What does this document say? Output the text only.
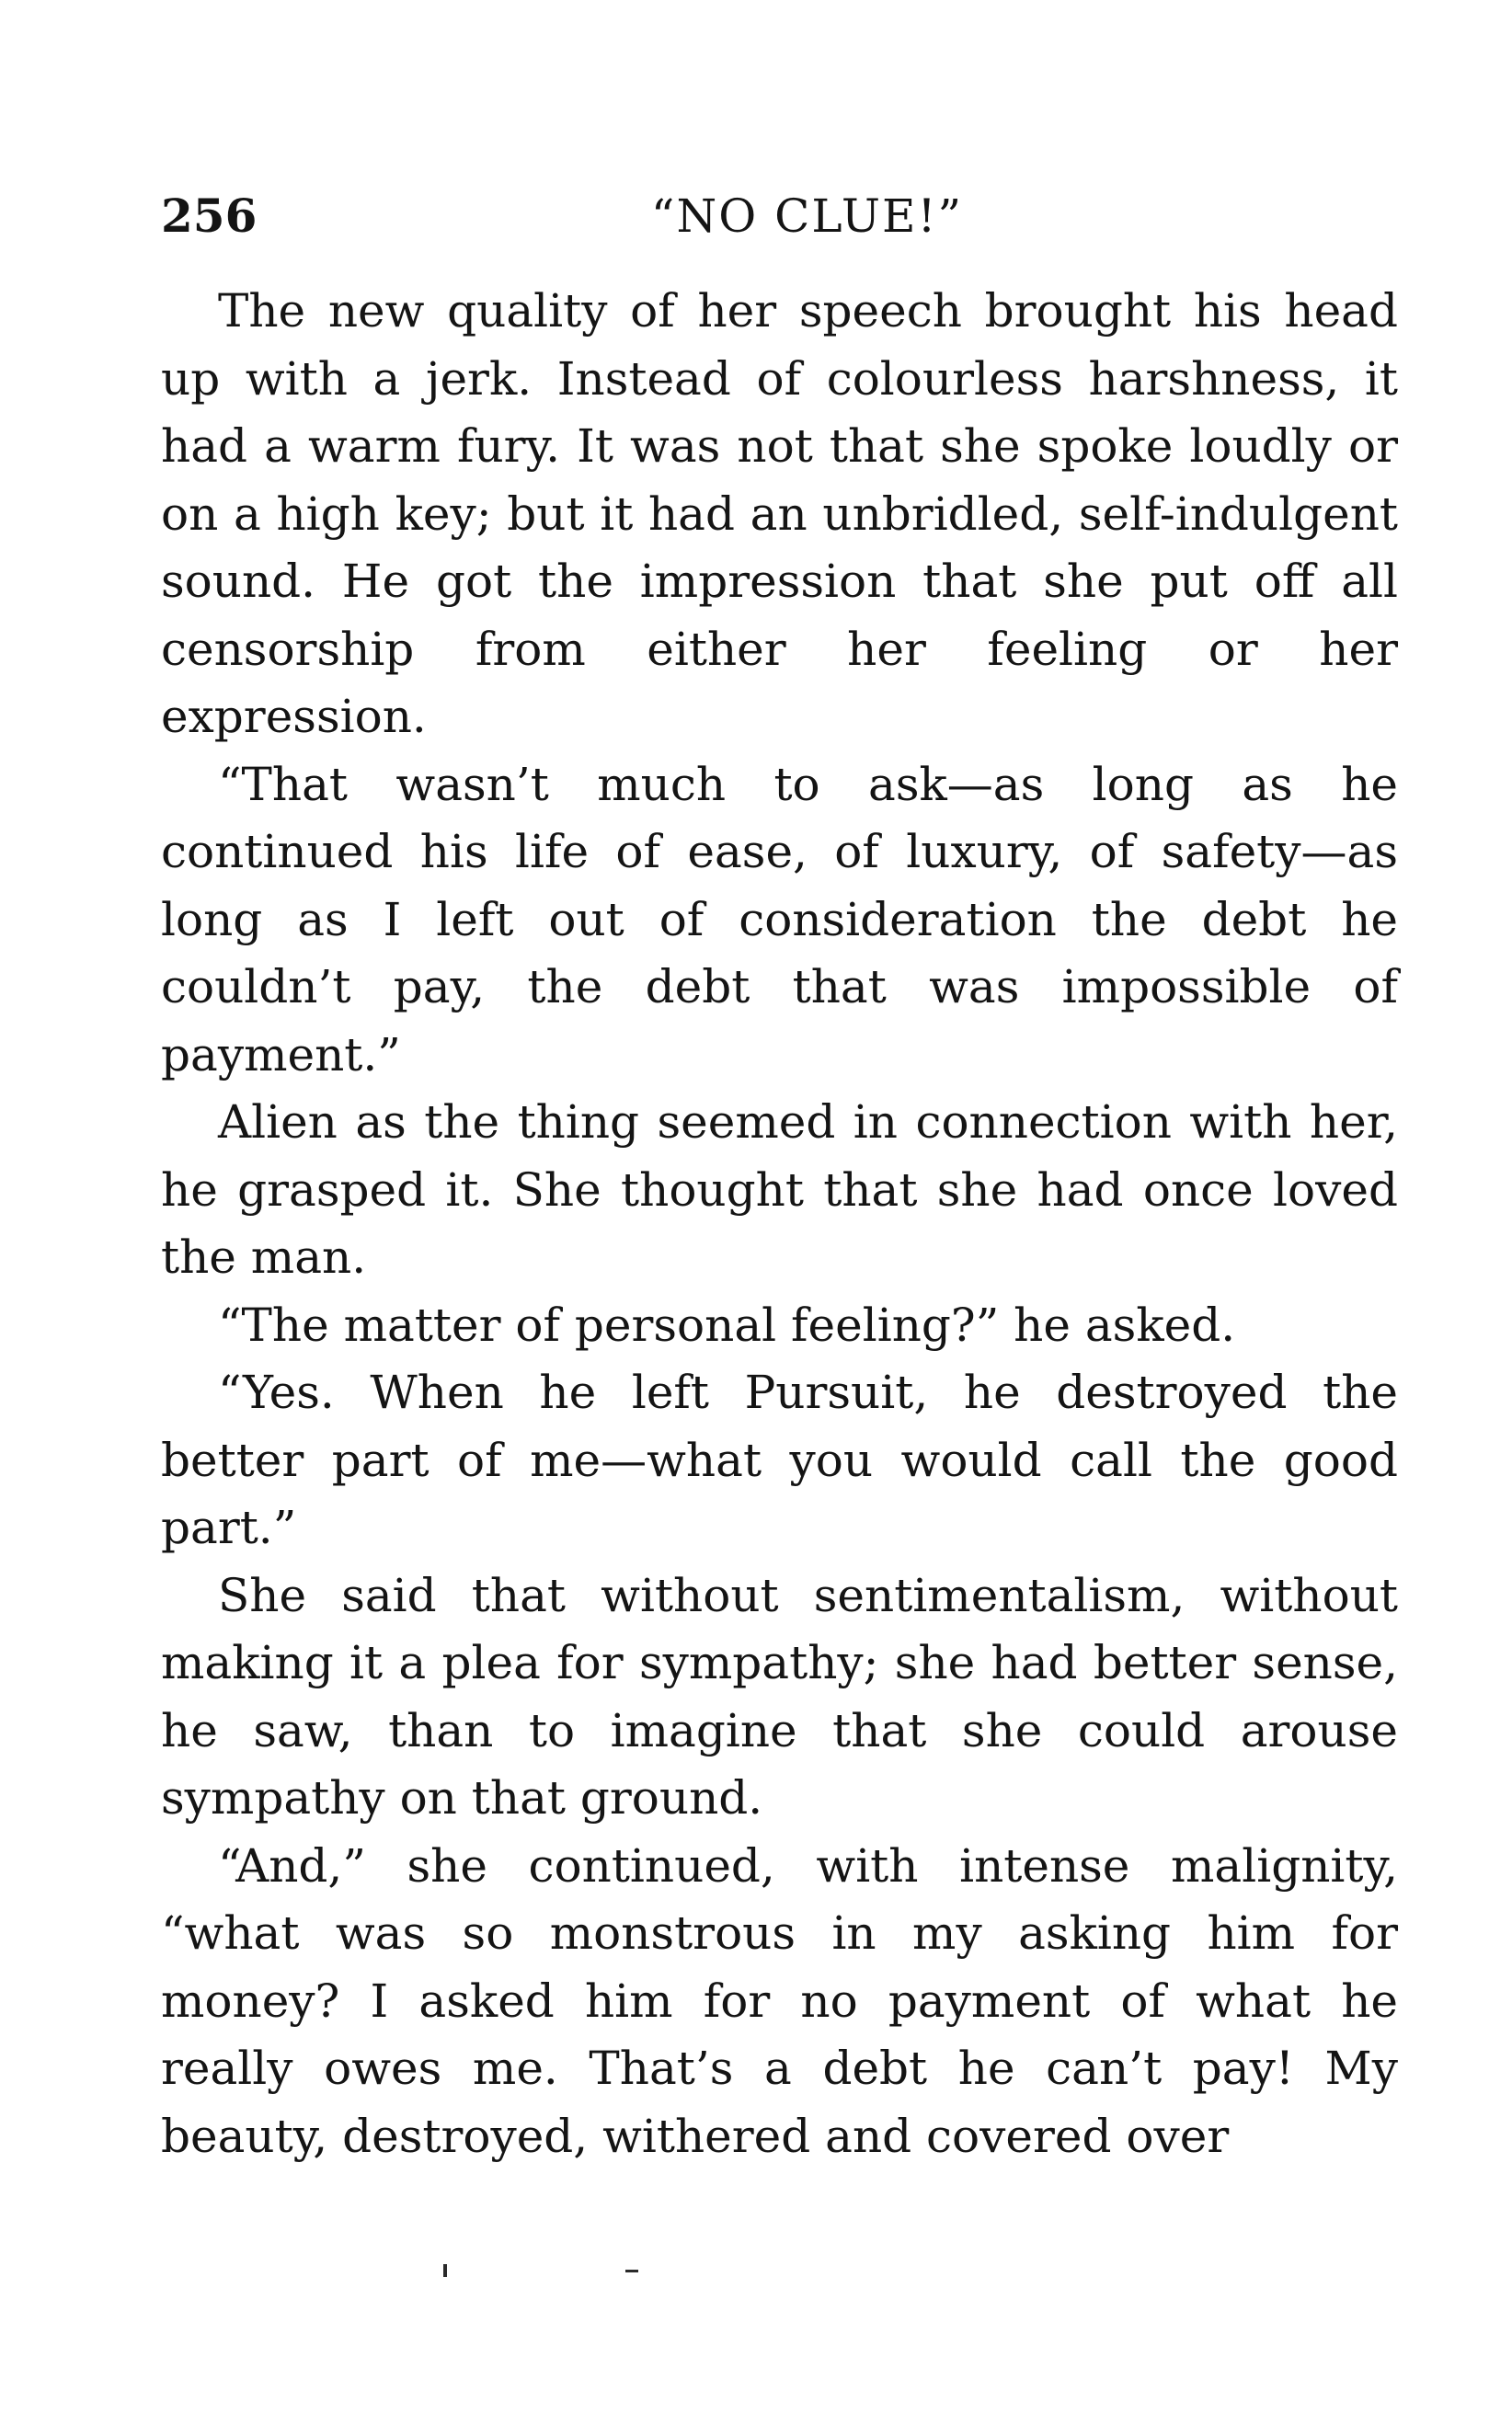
256	“NO CLUE!”

The new quality of her speech brought his head up with a jerk. Instead of colourless harshness, it had a warm fury. It was not that she spoke loudly or on a high key; but it had an unbridled, self-indulgent sound. He got the impression that she put off all censorship from either her feeling or her expression.

“That wasn’t much to ask—as long as he continued his life of ease, of luxury, of safety—as long as I left out of consideration the debt he couldn’t pay, the debt that was impossible of payment.”

Alien as the thing seemed in connection with her, he grasped it. She thought that she had once loved the man.

“The matter of personal feeling?” he asked.

“Yes. When he left Pursuit, he destroyed the better part of me—what you would call the good part.”

She said that without sentimentalism, without making it a plea for sympathy; she had better sense, he saw, than to imagine that she could arouse sympathy on that ground.

“And,” she continued, with intense malignity, “what was so monstrous in my asking him for money? I asked him for no payment of what he really owes me. That’s a debt he can’t pay! My beauty, destroyed, withered and covered over
